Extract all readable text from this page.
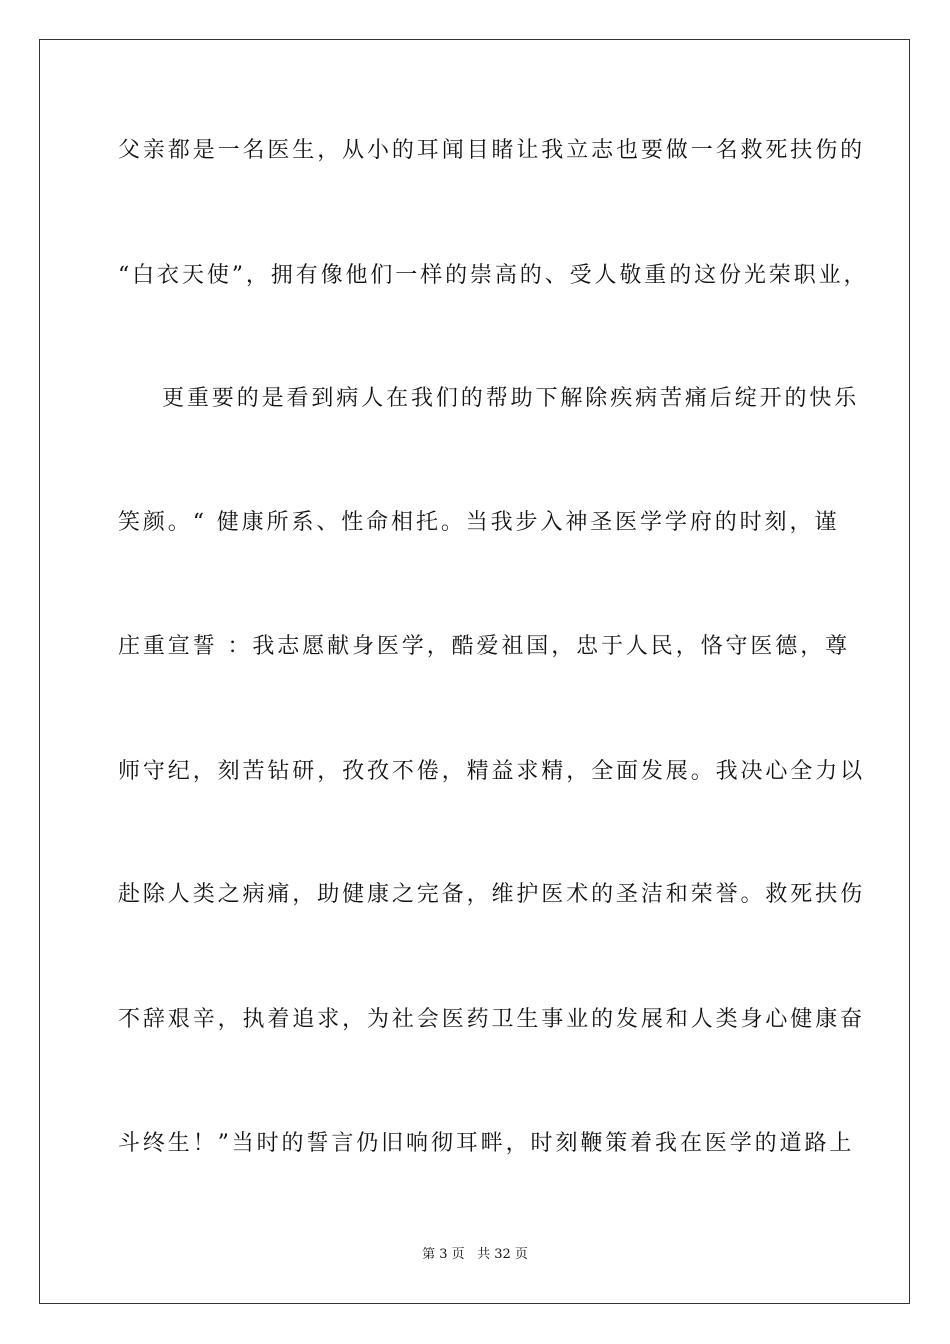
父亲都是一名医生，从小的耳闻目睹让我立志也要做一名救死扶伤的
“白衣天使”，拥有像他们一样的崇高的、受人敬重的这份光荣职业，
更重要的是看到病人在我们的帮助下解除疾病苦痛后绽开的快乐
笑颜。“ 健康所系、性命相托。当我步入神圣医学学府的时刻，谨
庄重宣誓 ：我志愿献身医学，酷爱祖国，忠于人民，恪守医德，尊
师守纪，刻苦钻研，孜孜不倦，精益求精，全面发展。我决心全力以
赴除人类之病痛，助健康之完备，维护医术的圣洁和荣誉。救死扶伤
不辞艰辛，执着追求，为社会医药卫生事业的发展和人类身心健康奋
斗终生！”当时的誓言仍旧响彻耳畔，时刻鞭策着我在医学的道路上
第 3 页 共 32 页
